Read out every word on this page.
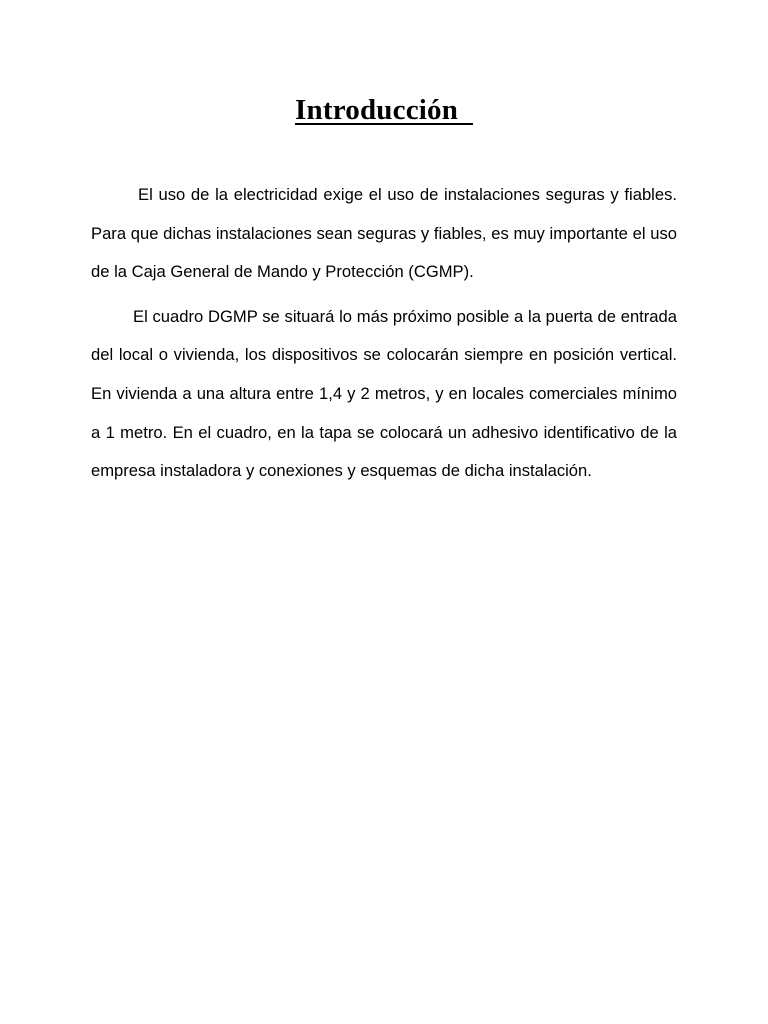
Introducción

El uso de la electricidad exige el uso de instalaciones seguras y fiables. Para que dichas instalaciones sean seguras y fiables, es muy importante el uso de la Caja General de Mando y Protección (CGMP).

El cuadro DGMP se situará lo más próximo posible a la puerta de entrada del local o vivienda, los dispositivos se colocarán siempre en posición vertical. En vivienda a una altura entre 1,4 y 2 metros, y en locales comerciales mínimo a 1 metro. En el cuadro, en la tapa se colocará un adhesivo identificativo de la empresa instaladora y conexiones y esquemas de dicha instalación.
